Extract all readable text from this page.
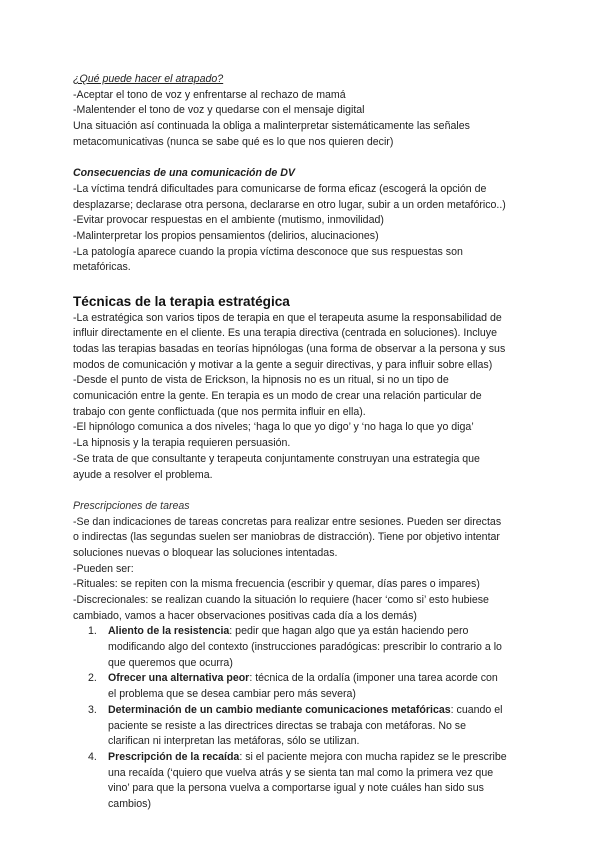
¿Qué puede hacer el atrapado?
-Aceptar el tono de voz y enfrentarse al rechazo de mamá
-Malentender el tono de voz y quedarse con el mensaje digital
Una situación así continuada la obliga a malinterpretar sistemáticamente las señales
metacomunicativas (nunca se sabe qué es lo que nos quieren decir)
Consecuencias de una comunicación de DV
-La víctima tendrá dificultades para comunicarse de forma eficaz (escogerá la opción de
desplazarse; declarase otra persona, declararse en otro lugar, subir a un orden metafórico..)
-Evitar provocar respuestas en el ambiente (mutismo, inmovilidad)
-Malinterpretar los propios pensamientos (delirios, alucinaciones)
-La patología aparece cuando la propia víctima desconoce que sus respuestas son
metafóricas.
Técnicas de la terapia estratégica
-La estratégica son varios tipos de terapia en que el terapeuta asume la responsabilidad de
influir directamente en el cliente. Es una terapia directiva (centrada en soluciones). Incluye
todas las terapias basadas en teorías hipnólogas (una forma de observar a la persona y sus
modos de comunicación y motivar a la gente a seguir directivas, y para influir sobre ellas)
-Desde el punto de vista de Erickson, la hipnosis no es un ritual, si no un tipo de
comunicación entre la gente. En terapia es un modo de crear una relación particular de
trabajo con gente conflictuada (que nos permita influir en ella).
-El hipnólogo comunica a dos niveles; ‘haga lo que yo digo’ y ‘no haga lo que yo diga’
-La hipnosis y la terapia requieren persuasión.
-Se trata de que consultante y terapeuta conjuntamente construyan una estrategia que
ayude a resolver el problema.
Prescripciones de tareas
-Se dan indicaciones de tareas concretas para realizar entre sesiones. Pueden ser directas
o indirectas (las segundas suelen ser maniobras de distracción). Tiene por objetivo intentar
soluciones nuevas o bloquear las soluciones intentadas.
-Pueden ser:
-Rituales: se repiten con la misma frecuencia (escribir y quemar, días pares o impares)
-Discrecionales: se realizan cuando la situación lo requiere (hacer ‘como si’ esto hubiese
cambiado, vamos a hacer observaciones positivas cada día a los demás)
1. Aliento de la resistencia: pedir que hagan algo que ya están haciendo pero
modificando algo del contexto (instrucciones paradógicas: prescribir lo contrario a lo
que queremos que ocurra)
2. Ofrecer una alternativa peor: técnica de la ordalía (imponer una tarea acorde con
el problema que se desea cambiar pero más severa)
3. Determinación de un cambio mediante comunicaciones metafóricas: cuando el
paciente se resiste a las directrices directas se trabaja con metáforas. No se
clarifican ni interpretan las metáforas, sólo se utilizan.
4. Prescripción de la recaída: si el paciente mejora con mucha rapidez se le prescribe
una recaída (‘quiero que vuelva atrás y se sienta tan mal como la primera vez que
vino’ para que la persona vuelva a comportarse igual y note cuáles han sido sus
cambios)
